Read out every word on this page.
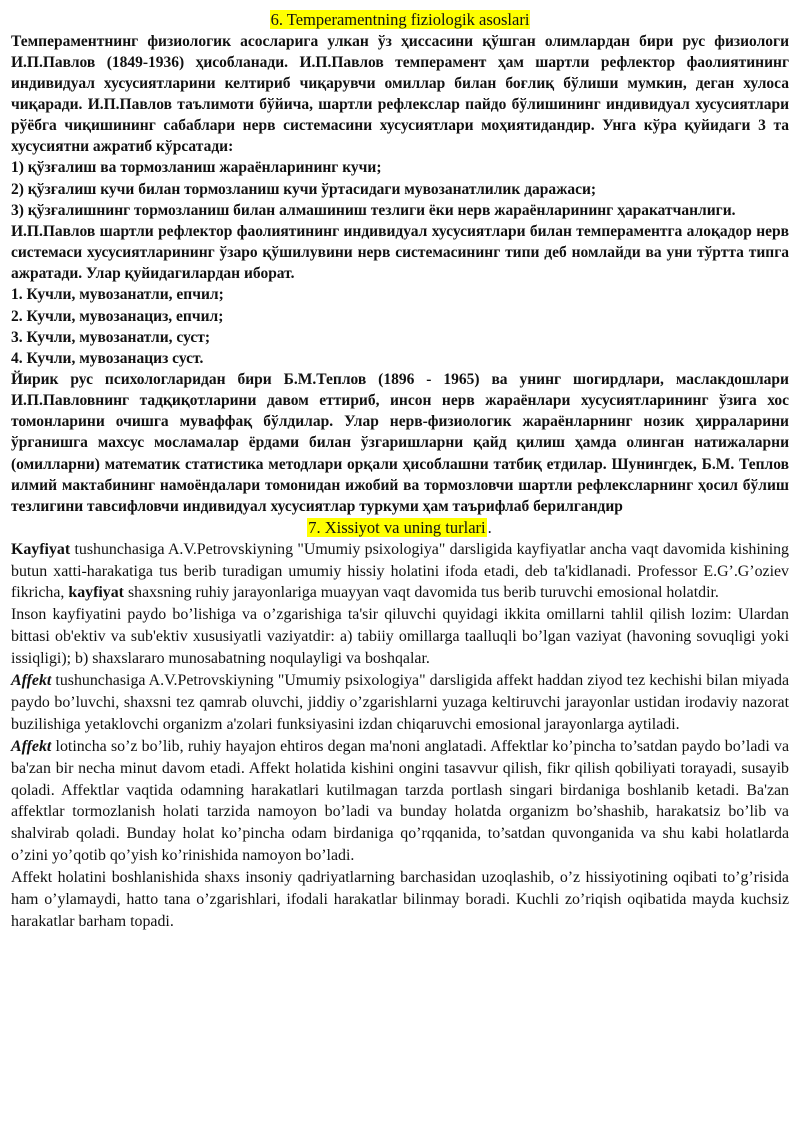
6. Temperamentning fiziologik asoslari

Темпераментнинг физиологик асосларига улкан ўз ҳиссасини қўшган олимлардан бири рус физиологи И.П.Павлов (1849-1936) ҳисобланади. И.П.Павлов темперамент ҳам шартли рефлектор фаолиятининг индивидуал хусусиятларини келтириб чиқарувчи омиллар билан боғлиқ бўлиши мумкин, деган хулоса чиқаради. И.П.Павлов таълимоти бўйича, шартли рефлекслар пайдо бўлишининг индивидуал хусусиятлари рўёбга чиқишининг сабаблари нерв системасини хусусиятлари моҳиятидандир. Унга кўра қуйидаги 3 та хусусиятни ажратиб кўрсатади:

1) қўзғалиш ва тормозланиш жараёнларининг кучи;

2) қўзғалиш кучи билан тормозланиш кучи ўртасидаги мувозанатлилик даражаси;

3) қўзғалишнинг тормозланиш билан алмашиниш тезлиги ёки нерв жараёнларининг ҳаракатчанлиги.

И.П.Павлов шартли рефлектор фаолиятининг индивидуал хусусиятлари билан темпераментга алоқадор нерв системаси хусусиятларининг ўзаро қўшилувини нерв системасининг типи деб номлайди ва уни тўртта типга ажратади. Улар қуйидагилардан иборат.

1. Кучли, мувозанатли, епчил;

2. Кучли, мувозанациз, епчил;

3. Кучли, мувозанатли, суст;

4. Кучли, мувозанациз суст.

Йирик рус психологларидан бири Б.М.Теплов (1896 - 1965) ва унинг шогирдлари, маслакдошлари И.П.Павловнинг тадқиқотларини давом еттириб, инсон нерв жараёнлари хусусиятларининг ўзига хос томонларини очишга муваффақ бўлдилар. Улар нерв-физиологик жараёнларнинг нозик ҳирраларини ўрганишга махсус мосламалар ёрдами билан ўзгаришларни қайд қилиш ҳамда олинган натижаларни (омилларни) математик статистика методлари орқали ҳисоблашни татбиқ етдилар. Шунингдек, Б.М. Теплов илмий мактабининг намоёндалари томонидан ижобий ва тормозловчи шартли рефлексларнинг ҳосил бўлиш тезлигини тавсифловчи индивидуал хусусиятлар туркуми ҳам таърифлаб берилгандир

7. Xissiyot va uning turlari .

Kayfiyat tushunchasiga A.V.Petrovskiyning "Umumiy psixologiya" darsligida kayfiyatlar ancha vaqt davomida kishining butun xatti-harakatiga tus berib turadigan umumiy hissiy holatini ifoda etadi, deb ta'kidlanadi. Professor E.G’.G’oziev fikricha, kayfiyat shaxsning ruhiy jarayonlariga muayyan vaqt davomida tus berib turuvchi emosional holatdir.

Inson kayfiyatini paydo bo’lishiga va o’zgarishiga ta'sir qiluvchi quyidagi ikkita omillarni tahlil qilish lozim: Ulardan bittasi ob'ektiv va sub'ektiv xususiyatli vaziyatdir: a) tabiiy omillarga taalluqli bo’lgan vaziyat (havoning sovuqligi yoki issiqligi); b) shaxslararo munosabatning noqulayligi va boshqalar.

Affekt tushunchasiga A.V.Petrovskiyning "Umumiy psixologiya" darsligida affekt haddan ziyod tez kechishi bilan miyada paydo bo’luvchi, shaxsni tez qamrab oluvchi, jiddiy o’zgarishlarni yuzaga keltiruvchi jarayonlar ustidan irodaviy nazorat buzilishiga yetaklovchi organizm a'zolari funksiyasini izdan chiqaruvchi emosional jarayonlarga aytiladi.

Affekt lotincha so’z bo’lib, ruhiy hayajon ehtiros degan ma'noni anglatadi. Affektlar ko’pincha to’satdan paydo bo’ladi va ba'zan bir necha minut davom etadi. Affekt holatida kishini ongini tasavvur qilish, fikr qilish qobiliyati torayadi, susayib qoladi. Affektlar vaqtida odamning harakatlari kutilmagan tarzda portlash singari birdaniga boshlanib ketadi. Ba'zan affektlar tormozlanish holati tarzida namoyon bo’ladi va bunday holatda organizm bo’shashib, harakatsiz bo’lib va shalvirab qoladi. Bunday holat ko’pincha odam birdaniga qo’rqqanida, to’satdan quvonganida va shu kabi holatlarda o’zini yo’qotib qo’yish ko’rinishida namoyon bo’ladi.

Affekt holatini boshlanishida shaxs insoniy qadriyatlarning barchasidan uzoqlashib, o’z hissiyotining oqibati to’g’risida ham o’ylamaydi, hatto tana o’zgarishlari, ifodali harakatlar bilinmay boradi. Kuchli zo’riqish oqibatida mayda kuchsiz harakatlar barham topadi.
